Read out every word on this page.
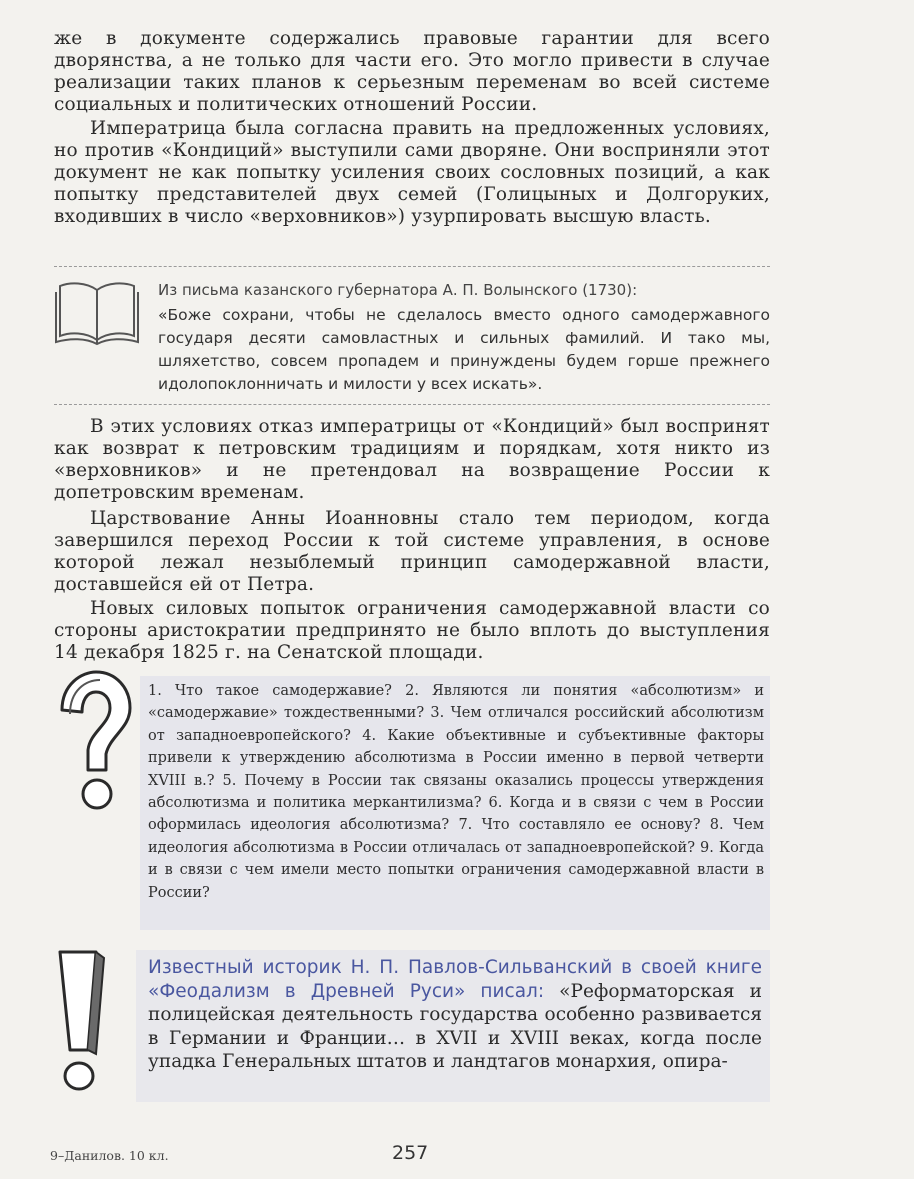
же в документе содержались правовые гарантии для всего дворянства, а не только для части его. Это могло привести в случае реализации таких планов к серьезным переменам во всей системе социальных и политических отношений России.

Императрица была согласна править на предложенных условиях, но против «Кондиций» выступили сами дворяне. Они восприняли этот документ не как попытку усиления своих сословных позиций, а как попытку представителей двух семей (Голицыных и Долгоруких, входивших в число «верховников») узурпировать высшую власть.

Из письма казанского губернатора А. П. Волынского (1730):
«Боже сохрани, чтобы не сделалось вместо одного самодержавного государя десяти самовластных и сильных фамилий. И тако мы, шляхетство, совсем пропадем и принуждены будем горше прежнего идолопоклонничать и милости у всех искать».

В этих условиях отказ императрицы от «Кондиций» был воспринят как возврат к петровским традициям и порядкам, хотя никто из «верховников» и не претендовал на возвращение России к допетровским временам.

Царствование Анны Иоанновны стало тем периодом, когда завершился переход России к той системе управления, в основе которой лежал незыблемый принцип самодержавной власти, доставшейся ей от Петра.

Новых силовых попыток ограничения самодержавной власти со стороны аристократии предпринято не было вплоть до выступления 14 декабря 1825 г. на Сенатской площади.

1. Что такое самодержавие? 2. Являются ли понятия «абсолютизм» и «самодержавие» тождественными? 3. Чем отличался российский абсолютизм от западноевропейского? 4. Какие объективные и субъективные факторы привели к утверждению абсолютизма в России именно в первой четверти XVIII в.? 5. Почему в России так связаны оказались процессы утверждения абсолютизма и политика меркантилизма? 6. Когда и в связи с чем в России оформилась идеология абсолютизма? 7. Что составляло ее основу? 8. Чем идеология абсолютизма в России отличалась от западноевропейской? 9. Когда и в связи с чем имели место попытки ограничения самодержавной власти в России?
Известный историк Н. П. Павлов-Сильванский в своей книге «Феодализм в Древней Руси» писал: «Реформаторская и полицейская деятельность государства особенно развивается в Германии и Франции… в XVII и XVIII веках, когда после упадка Генеральных штатов и ландтагов монархия, опира-
9–Данилов. 10 кл.	257
